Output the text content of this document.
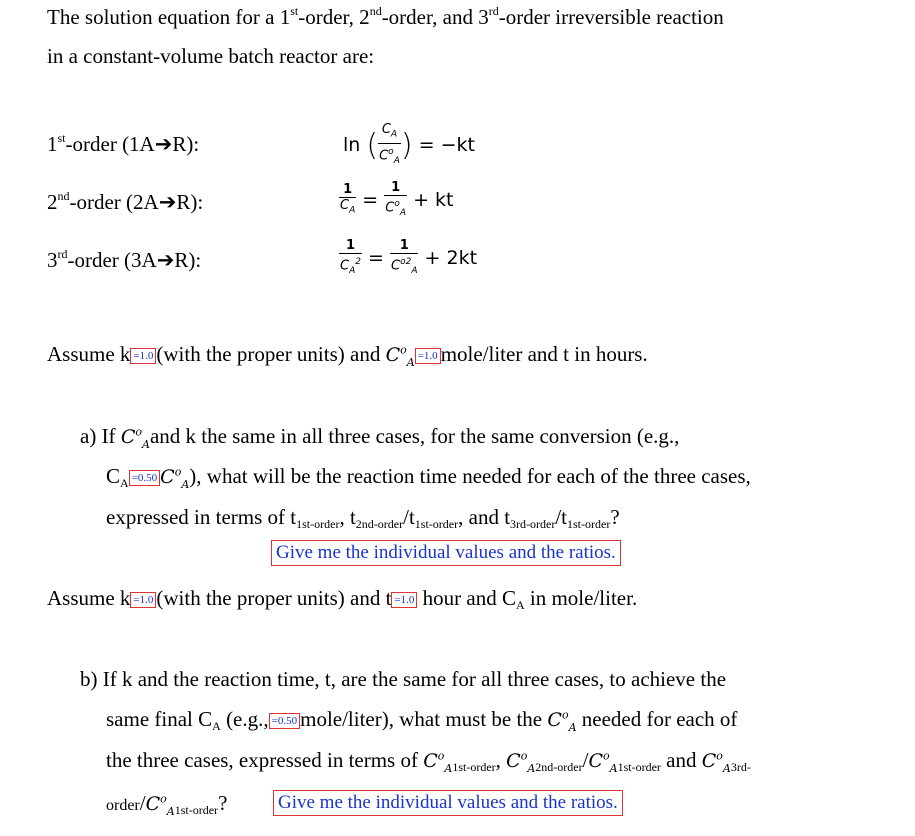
The solution equation for a 1st-order, 2nd-order, and 3rd-order irreversible reaction
in a constant-volume batch reactor are:
1st-order (1A➔R):	ln ( $\frac{C_A}{C^o_A}$ ) = −kt
2nd-order (2A➔R):	$\frac{1}{C_A} = \frac{1}{C^o_A}$ + kt
3rd-order (3A➔R):	$\frac{1}{C_A^2} = \frac{1}{C^{o2}_A} + 2kt$
Assume k =1.0 (with the proper units) and $C^o_A =1.0$ mole/liter and t in hours.
a) If $C^o_Aand$ k the same in all three cases, for the same conversion (e.g.,
$C_A =0.50$ $C^o_A$), what will be the reaction time needed for each of the three cases,
expressed in terms of $t_{1st-order}$, $t_{2nd-order}/t_{1st-order}$, and $t_{3rd-order}/t_{1st-order}$?
Give me the individual values and the ratios.
Assume k =1.0 (with the proper units) and t =1.0 hour and $C_A$ in mole/liter.
b) If k and the reaction time, t, are the same for all three cases, to achieve the
same final $C_A$ (e.g., =0.50 mole/liter), what must be the $C^o_A$ needed for each of
the three cases, expressed in terms of $C^o_{A1st-order}$, $C^o_{A2nd-order}/C^o_{A1st-order}$ and $C^o_{A3rd-}$
order/$C^o_{A1st-order}$?	Give me the individual values and the ratios.
